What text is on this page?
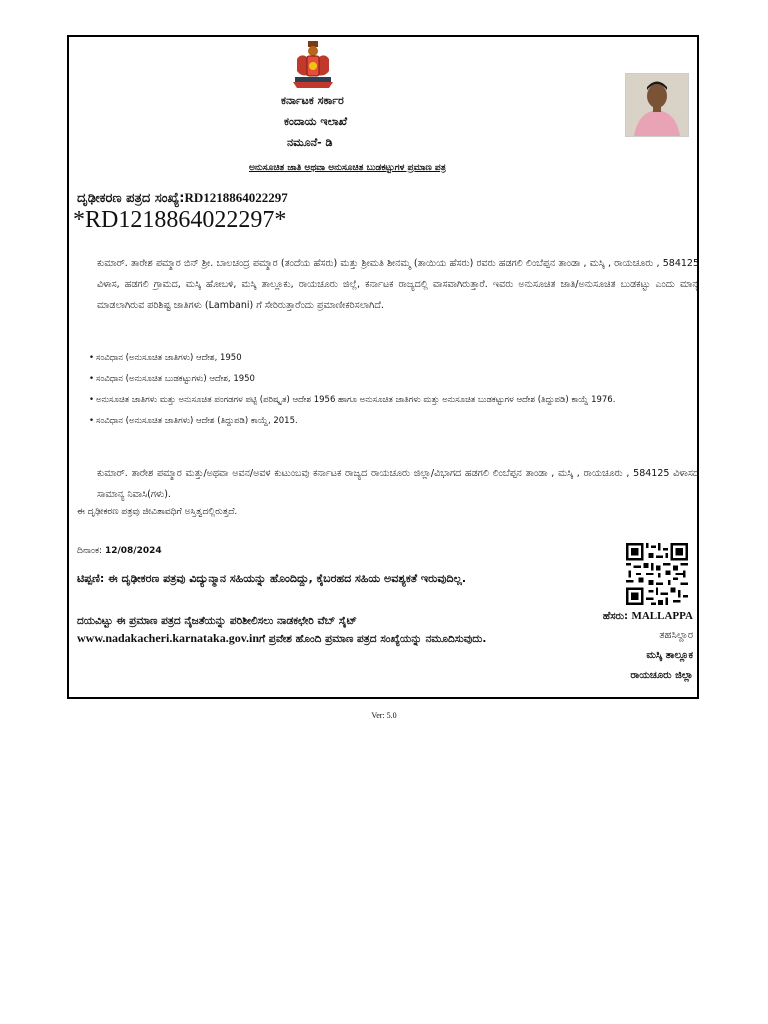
ಕರ್ನಾಟಕ ಸರ್ಕಾರ
ಕಂದಾಯ ಇಲಾಖೆ
ನಮೂನೆ- ಡಿ
ಅನುಸೂಚಿತ ಜಾತಿ ಅಥವಾ ಅನುಸೂಚಿತ ಬುಡಕಟ್ಟುಗಳ ಪ್ರಮಾಣ ಪತ್ರ
ದೃಢೀಕರಣ ಪತ್ರದ ಸಂಖ್ಯೆ:RD1218864022297
*RD1218864022297*
ಕುಮಾರ್. ತಾರೇಶ ಪಮ್ಮಾರ ಬಿನ್ ಶ್ರೀ. ಬಾಲಚಂದ್ರ ಪಮ್ಮಾರ (ತಂದೆಯ ಹೆಸರು) ಮತ್ತು ಶ್ರೀಮತಿ ಶೀನಮ್ಮ (ತಾಯಿಯ ಹೆಸರು) ರವರು ಹಡಗಲಿ ಲಿಂಬೆಪ್ಪನ ತಾಂಡಾ , ಮಸ್ಕಿ , ರಾಯಚೂರು , 584125 ವಿಳಾಸ, ಹಡಗಲಿ ಗ್ರಾಮದ, ಮಸ್ಕಿ ಹೋಬಳಿ, ಮಸ್ಕಿ ತಾಲ್ಲೂಕು, ರಾಯಚೂರು ಜಿಲ್ಲೆ, ಕರ್ನಾಟಕ ರಾಜ್ಯದಲ್ಲಿ ವಾಸವಾಗಿರುತ್ತಾರೆ. ಇವರು ಅನುಸೂಚಿತ ಜಾತಿ/ಅನುಸೂಚಿತ ಬುಡಕಟ್ಟು ಎಂದು ಮಾನ್ಯ ಮಾಡಲಾಗಿರುವ ಪರಿಶಿಷ್ಟ ಜಾತಿಗಳು (Lambani) ಗೆ ಸೇರಿರುತ್ತಾರೆಂದು ಪ್ರಮಾಣೀಕರಿಸಲಾಗಿದೆ.
• ಸಂವಿಧಾನ (ಅನುಸೂಚಿತ ಜಾತಿಗಳು) ಆದೇಶ, 1950
• ಸಂವಿಧಾನ (ಅನುಸೂಚಿತ ಬುಡಕಟ್ಟುಗಳು) ಆದೇಶ, 1950
• ಅನುಸೂಚಿತ ಜಾತಿಗಳು ಮತ್ತು ಅನುಸೂಚಿತ ಪಂಗಡಗಳ ಪಟ್ಟಿ (ಪರಿಷ್ಕೃತ) ಆದೇಶ 1956 ಹಾಗೂ ಅನುಸೂಚಿತ ಜಾತಿಗಳು ಮತ್ತು ಅನುಸೂಚಿತ ಬುಡಕಟ್ಟುಗಳ ಆದೇಶ (ತಿದ್ದುಪಡಿ) ಕಾಯ್ದೆ 1976.
• ಸಂವಿಧಾನ (ಅನುಸೂಚಿತ ಜಾತಿಗಳು) ಆದೇಶ (ತಿದ್ದುಪಡಿ) ಕಾಯ್ದೆ, 2015.
ಕುಮಾರ್. ತಾರೇಶ ಪಮ್ಮಾರ ಮತ್ತು/ಅಥವಾ ಅವನ/ಅವಳ ಕುಟುಂಬವು ಕರ್ನಾಟಕ ರಾಜ್ಯದ ರಾಯಚೂರು ಜಿಲ್ಲಾ/ವಿಭಾಗದ ಹಡಗಲಿ ಲಿಂಬೆಪ್ಪನ ತಾಂಡಾ , ಮಸ್ಕಿ , ರಾಯಚೂರು , 584125 ವಿಳಾಸದ ಸಾಮಾನ್ಯ ನಿವಾಸಿ(ಗಳು).
ಈ ದೃಢೀಕರಣ ಪತ್ರವು ಜೀವಿತಾವಧಿಗೆ ಅಸ್ತಿತ್ವದಲ್ಲಿರುತ್ತದೆ.
ದಿನಾಂಕ: 12/08/2024
ಟಿಪ್ಪಣಿ: ಈ ದೃಢೀಕರಣ ಪತ್ರವು ವಿದ್ಯುನ್ಮಾನ ಸಹಿಯನ್ನು ಹೊಂದಿದ್ದು, ಕೈಬರಹದ ಸಹಿಯ ಅವಶ್ಯಕತೆ ಇರುವುದಿಲ್ಲ.
ದಯವಿಟ್ಟು ಈ ಪ್ರಮಾಣ ಪತ್ರದ ನೈಜತೆಯನ್ನು ಪರಿಶೀಲಿಸಲು ನಾಡಕಛೇರಿ ವೆಬ್ ಸೈಟ್ www.nadakacheri.karnataka.gov.inಗೆ ಪ್ರವೇಶ ಹೊಂದಿ ಪ್ರಮಾಣ ಪತ್ರದ ಸಂಖ್ಯೆಯನ್ನು ನಮೂದಿಸುವುದು.
ಹೆಸರು: MALLAPPA
ತಹಸಿಲ್ದಾರ
ಮಸ್ಕಿ ತಾಲ್ಲೂಕ
ರಾಯಚೂರು ಜಿಲ್ಲಾ
Ver: 5.0
